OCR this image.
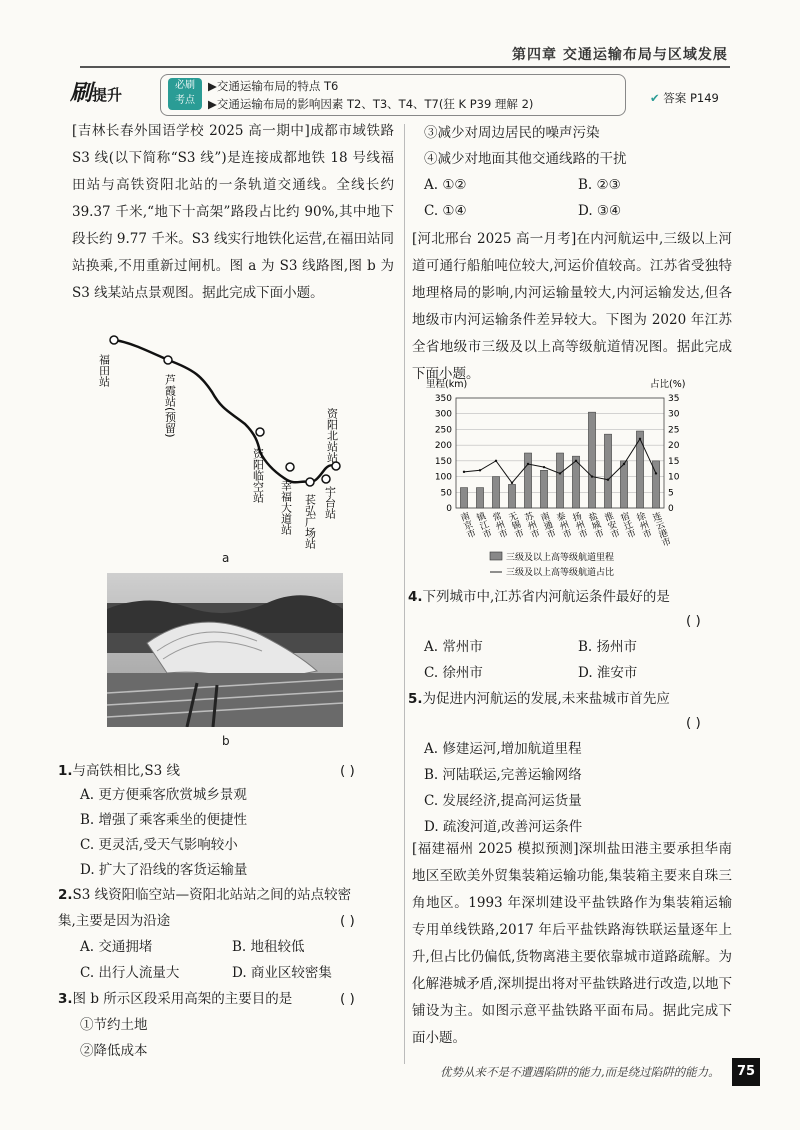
第四章 交通运输布局与区域发展
刷提升
必刷
考点
▶交通运输布局的特点 T6
▶交通运输布局的影响因素 T2、T3、T4、T7(狂 K P39 理解 2)	✔ 答案 P149
[吉林长春外国语学校 2025 高一期中]成都市域铁路 S3 线(以下简称“S3 线”)是连接成都地铁 18 号线福田站与高铁资阳北站的一条轨道交通线。全线长约 39.37 千米,“地下十高架”路段占比约 90%,其中地下段长约 9.77 千米。S3 线实行地铁化运营,在福田站同站换乘,不用重新过闸机。图 a 为 S3 线路图,图 b 为 S3 线某站点景观图。据此完成下面小题。
福田站
芦霞站(预留)
资阳临空站
幸福大道站 苌弘广场站 宇台站
资阳北站站
a
b
1.与高铁相比,S3 线	( )
A. 更方便乘客欣赏城乡景观
B. 增强了乘客乘坐的便捷性
C. 更灵活,受天气影响较小
D. 扩大了沿线的客货运输量
2.S3 线资阳临空站—资阳北站站之间的站点较密集,主要是因为沿途	( )
A. 交通拥堵	B. 地租较低
C. 出行人流量大	D. 商业区较密集
3.图 b 所示区段采用高架的主要目的是	( )
①节约土地
②降低成本
③减少对周边居民的噪声污染
④减少对地面其他交通线路的干扰
A. ①②	B. ②③
C. ①④	D. ③④
[河北邢台 2025 高一月考]在内河航运中,三级以上河道可通行船舶吨位较大,河运价值较高。江苏省受独特地理格局的影响,内河运输量较大,内河运输发达,但各地级市内河运输条件差异较大。下图为 2020 年江苏全省地级市三级及以上高等级航道情况图。据此完成下面小题。
里程(km)	占比(%)
0	0
50	5
100	10
150	15
200	20
250	25
300	30
350	35
南京市
镇江市
常州市
无锡市
苏州市
南通市
泰州市
扬州市
盐城市
淮安市
宿迁市
徐州市
连云港市
三级及以上高等级航道里程
三级及以上高等级航道占比
4.下列城市中,江苏省内河航运条件最好的是
( )
A. 常州市	B. 扬州市
C. 徐州市	D. 淮安市
5.为促进内河航运的发展,未来盐城市首先应
( )
A. 修建运河,增加航道里程
B. 河陆联运,完善运输网络
C. 发展经济,提高河运货量
D. 疏浚河道,改善河运条件
[福建福州 2025 模拟预测]深圳盐田港主要承担华南地区至欧美外贸集装箱运输功能,集装箱主要来自珠三角地区。1993 年深圳建设平盐铁路作为集装箱运输专用单线铁路,2017 年后平盐铁路海铁联运量逐年上升,但占比仍偏低,货物离港主要依靠城市道路疏解。为化解港城矛盾,深圳提出将对平盐铁路进行改造,以地下铺设为主。如图示意平盐铁路平面布局。据此完成下面小题。
优势从来不是不遭遇陷阱的能力,而是绕过陷阱的能力。	75
